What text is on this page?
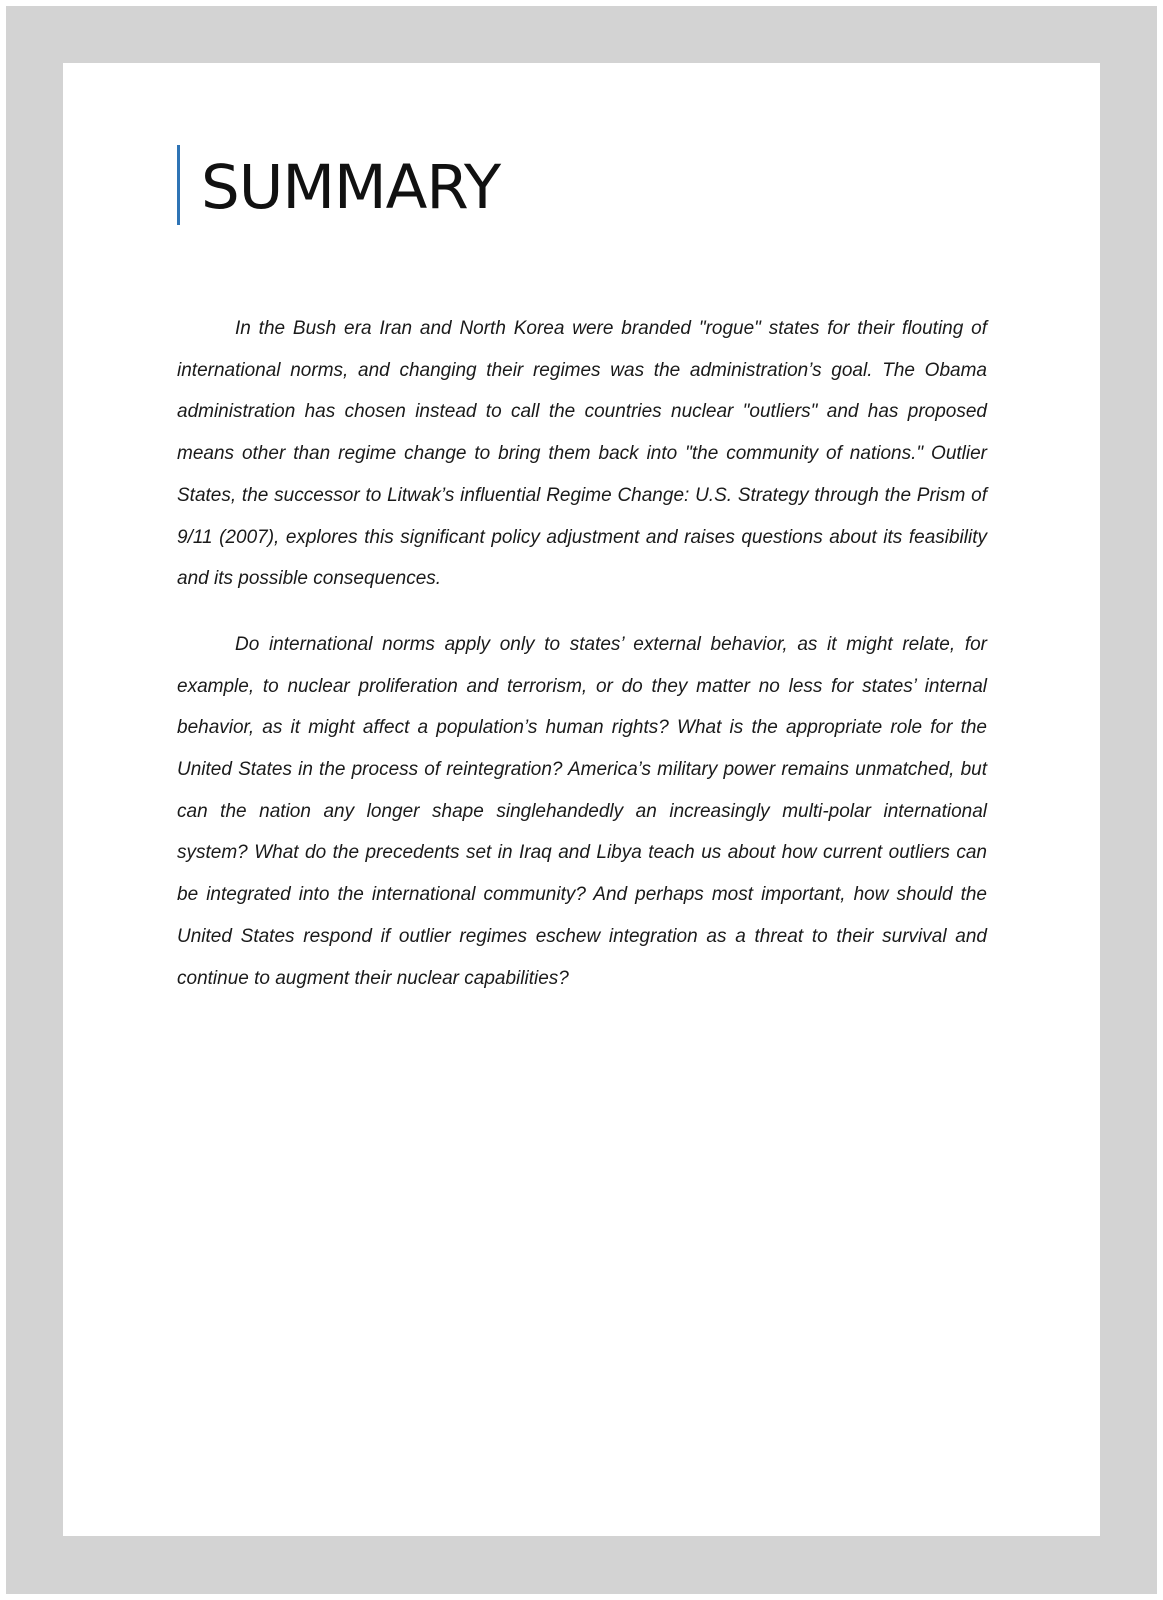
SUMMARY

In the Bush era Iran and North Korea were branded "rogue" states for their flouting of international norms, and changing their regimes was the administration’s goal. The Obama administration has chosen instead to call the countries nuclear "outliers" and has proposed means other than regime change to bring them back into "the community of nations." Outlier States, the successor to Litwak’s influential Regime Change: U.S. Strategy through the Prism of 9/11 (2007), explores this significant policy adjustment and raises questions about its feasibility and its possible consequences.

Do international norms apply only to states’ external behavior, as it might relate, for example, to nuclear proliferation and terrorism, or do they matter no less for states’ internal behavior, as it might affect a population’s human rights? What is the appropriate role for the United States in the process of reintegration? America’s military power remains unmatched, but can the nation any longer shape singlehandedly an increasingly multi-polar international system? What do the precedents set in Iraq and Libya teach us about how current outliers can be integrated into the international community? And perhaps most important, how should the United States respond if outlier regimes eschew integration as a threat to their survival and continue to augment their nuclear capabilities?
